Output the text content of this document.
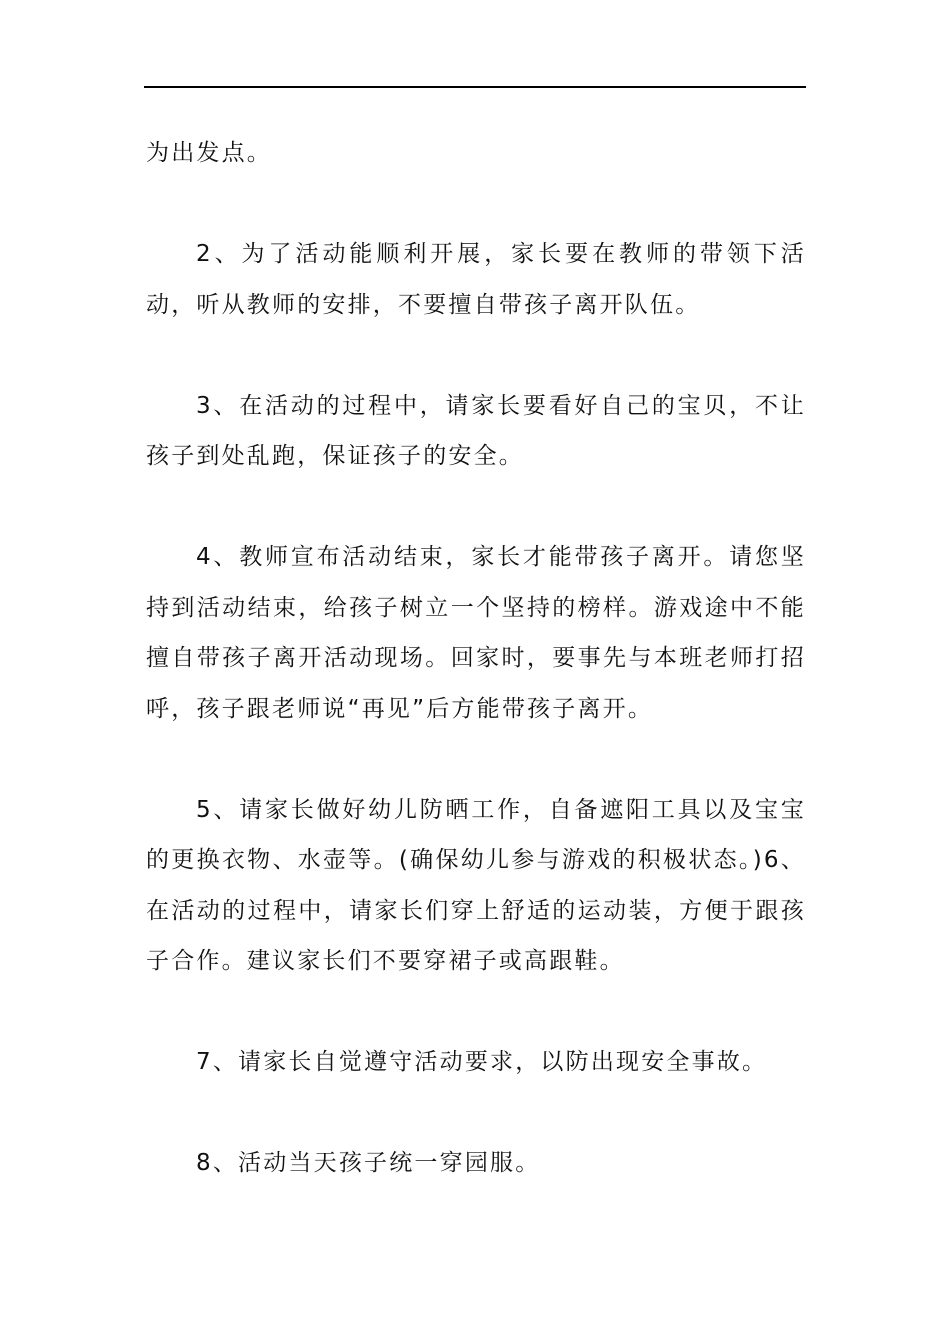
为出发点。

2、为了活动能顺利开展，家长要在教师的带领下活动，听从教师的安排，不要擅自带孩子离开队伍。

3、在活动的过程中，请家长要看好自己的宝贝，不让孩子到处乱跑，保证孩子的安全。

4、教师宣布活动结束，家长才能带孩子离开。请您坚持到活动结束，给孩子树立一个坚持的榜样。游戏途中不能擅自带孩子离开活动现场。回家时，要事先与本班老师打招呼，孩子跟老师说“再见”后方能带孩子离开。

5、请家长做好幼儿防晒工作，自备遮阳工具以及宝宝的更换衣物、水壶等。(确保幼儿参与游戏的积极状态。)6、在活动的过程中，请家长们穿上舒适的运动装，方便于跟孩子合作。建议家长们不要穿裙子或高跟鞋。

7、请家长自觉遵守活动要求，以防出现安全事故。

8、活动当天孩子统一穿园服。
